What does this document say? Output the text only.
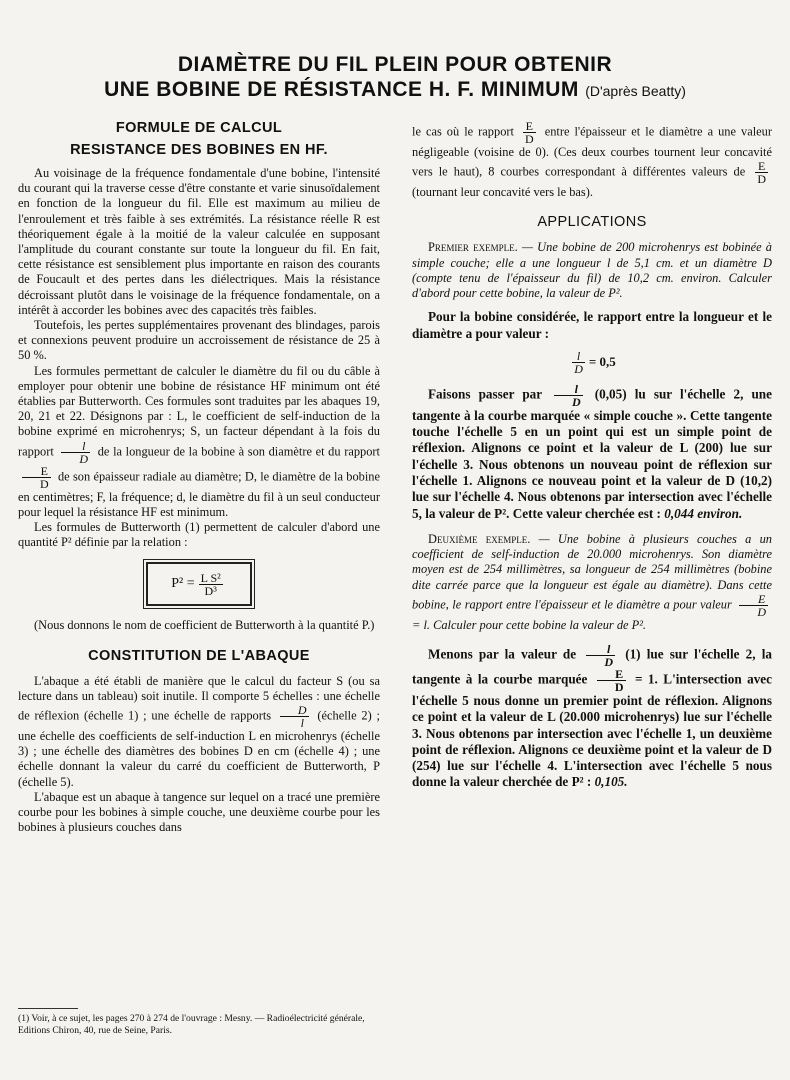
DIAMÈTRE DU FIL PLEIN POUR OBTENIR
UNE BOBINE DE RÉSISTANCE H. F. MINIMUM (D'après Beatty)
FORMULE DE CALCUL
RESISTANCE DES BOBINES EN HF.

Au voisinage de la fréquence fondamentale d'une bobine, l'intensité du courant qui la traverse cesse d'être constante et varie sinusoïdalement en fonction de la longueur du fil. Elle est maximum au milieu de l'enroulement et très faible à ses extrémités. La résistance réelle R est théoriquement égale à la moitié de la valeur calculée en supposant l'amplitude du courant constante sur toute la longueur du fil. En fait, cette résistance est sensiblement plus importante en raison des courants de Foucault et des pertes dans les diélectriques. Mais la résistance décroissant plutôt dans le voisinage de la fréquence fondamentale, on a intérêt à accorder les bobines avec des capacités très faibles.

Toutefois, les pertes supplémentaires provenant des blindages, parois et connexions peuvent produire un accroissement de résistance de 25 à 50 %.

Les formules permettant de calculer le diamètre du fil ou du câble à employer pour obtenir une bobine de résistance HF minimum ont été établies par Butterworth. Ces formules sont traduites par les abaques 19, 20, 21 et 22. Désignons par : L, le coefficient de self-induction de la bobine exprimé en microhenrys; S, un facteur dépendant à la fois du rapport $\frac{l}{D}$ de la longueur de la bobine à son diamètre et du rapport
$\frac{E}{D}$ de son épaisseur radiale au diamètre; D, le diamètre de la bobine en centimètres; F, la fréquence; d, le diamètre du fil à un seul conducteur pour lequel la résistance HF est minimum.

Les formules de Butterworth (1) permettent de calculer d'abord une quantité P² définie par la relation :

$P^2 = \frac{\text{L S²}}{\text{D³}}$

(Nous donnons le nom de coefficient de Butterworth à la quantité P.)

CONSTITUTION DE L'ABAQUE

L'abaque a été établi de manière que le calcul du facteur S (ou sa lecture dans un tableau) soit inutile. Il comporte 5 échelles : une échelle de réflexion (échelle 1) ; une échelle de rapports $\frac{D}{l}$ (échelle 2) ; une échelle des coefficients de self-induction L en microhenrys (échelle 3) ; une échelle des diamètres des bobines D en cm (échelle 4) ; une échelle donnant la valeur du carré du coefficient de Butterworth, P (échelle 5).

L'abaque est un abaque à tangence sur lequel on a tracé une première courbe pour les bobines à simple couche, une deuxième courbe pour les bobines à plusieurs couches dans

(1) Voir, à ce sujet, les pages 270 à 274 de l'ouvrage : Mesny. — Radioélectricité générale, Editions Chiron, 40, rue de Seine, Paris.

le cas où le rapport $\frac{E}{D}$ entre l'épaisseur et le diamètre a une valeur négligeable (voisine de 0). (Ces deux courbes tournent leur concavité vers le haut), 8 courbes correspondant à différentes valeurs de $\frac{E}{D}$
(tournant leur concavité vers le bas).

APPLICATIONS

Premier exemple. — Une bobine de 200 microhenrys est bobinée à simple couche; elle a une longueur l de 5,1 cm. et un diamètre D (compte tenu de l'épaisseur du fil) de 10,2 cm. environ. Calculer d'abord pour cette bobine, la valeur de P².

Pour la bobine considérée, le rapport entre la longueur et le diamètre a pour valeur :

$\frac{l}{D} = 0,5$

Faisons passer par $\frac{l}{D} (0,05)$ lu sur l'échelle 2, une tangente à la courbe marquée « simple couche ». Cette tangente touche l'échelle 5 en un point qui est un simple point de réflexion. Alignons ce point et la valeur de L (200) lue sur l'échelle 3. Nous obtenons un nouveau point de réflexion sur l'échelle 1. Alignons ce nouveau point et la valeur de D (10,2) lue sur l'échelle 4. Nous obtenons par intersection avec l'échelle 5, la valeur de P². Cette valeur cherchée est : 0,044 environ.

Deuxième exemple. — Une bobine à plusieurs couches a un coefficient de self-induction de 20.000 microhenrys. Son diamètre moyen est de 254 millimètres, sa longueur de 254 millimètres (bobine dite carrée parce que la longueur est égale au diamètre). Dans cette bobine, le rapport entre l'épaisseur et le diamètre a pour valeur $\frac{E}{D}$
= l. Calculer pour cette bobine la valeur de P².

Menons par la valeur de $\frac{l}{D} (1)$ lue sur l'échelle 2, la tangente à la courbe marquée $\frac{E}{D} = 1$. L'intersection avec l'échelle 5 nous donne un premier point de réflexion. Alignons ce point et la valeur de L (20.000 microhenrys) lue sur l'échelle 3. Nous obtenons par intersection avec l'échelle 1, un deuxième point de réflexion. Alignons ce deuxième point et la valeur de D (254) lue sur l'échelle 4. L'intersection avec l'échelle 5 nous donne la valeur cherchée de P² : 0,105.
